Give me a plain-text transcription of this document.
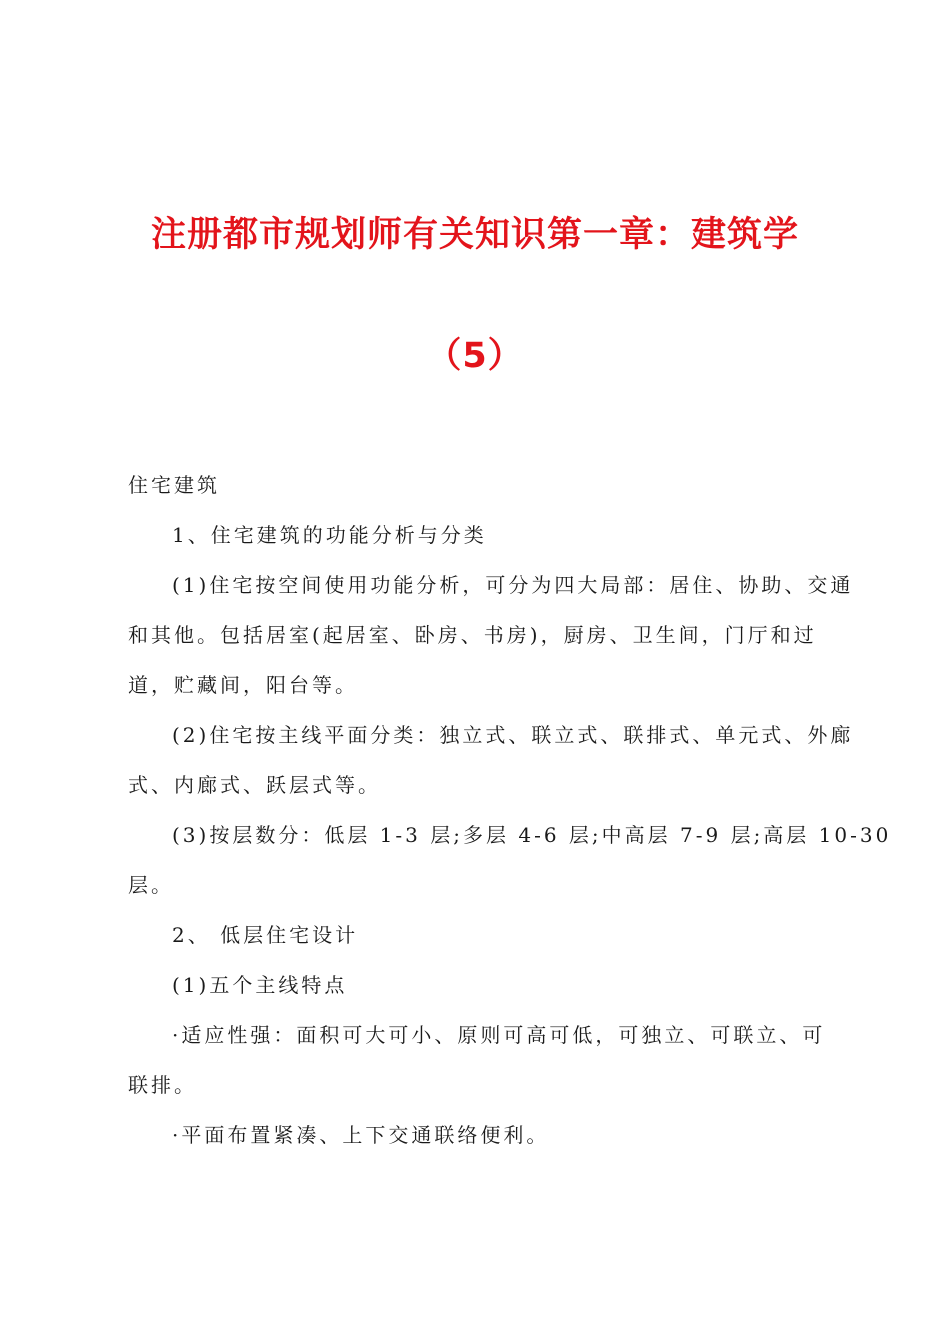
注册都市规划师有关知识第一章：建筑学
（5）

住宅建筑

1、住宅建筑的功能分析与分类

(1)住宅按空间使用功能分析，可分为四大局部：居住、协助、交通

和其他。包括居室(起居室、卧房、书房)，厨房、卫生间，门厅和过

道，贮藏间，阳台等。

(2)住宅按主线平面分类：独立式、联立式、联排式、单元式、外廊

式、内廊式、跃层式等。

(3)按层数分：低层 1-3 层;多层 4-6 层;中高层 7-9 层;高层 10-30

层。

2、 低层住宅设计

(1)五个主线特点

·适应性强：面积可大可小、原则可高可低，可独立、可联立、可

联排。

·平面布置紧凑、上下交通联络便利。
